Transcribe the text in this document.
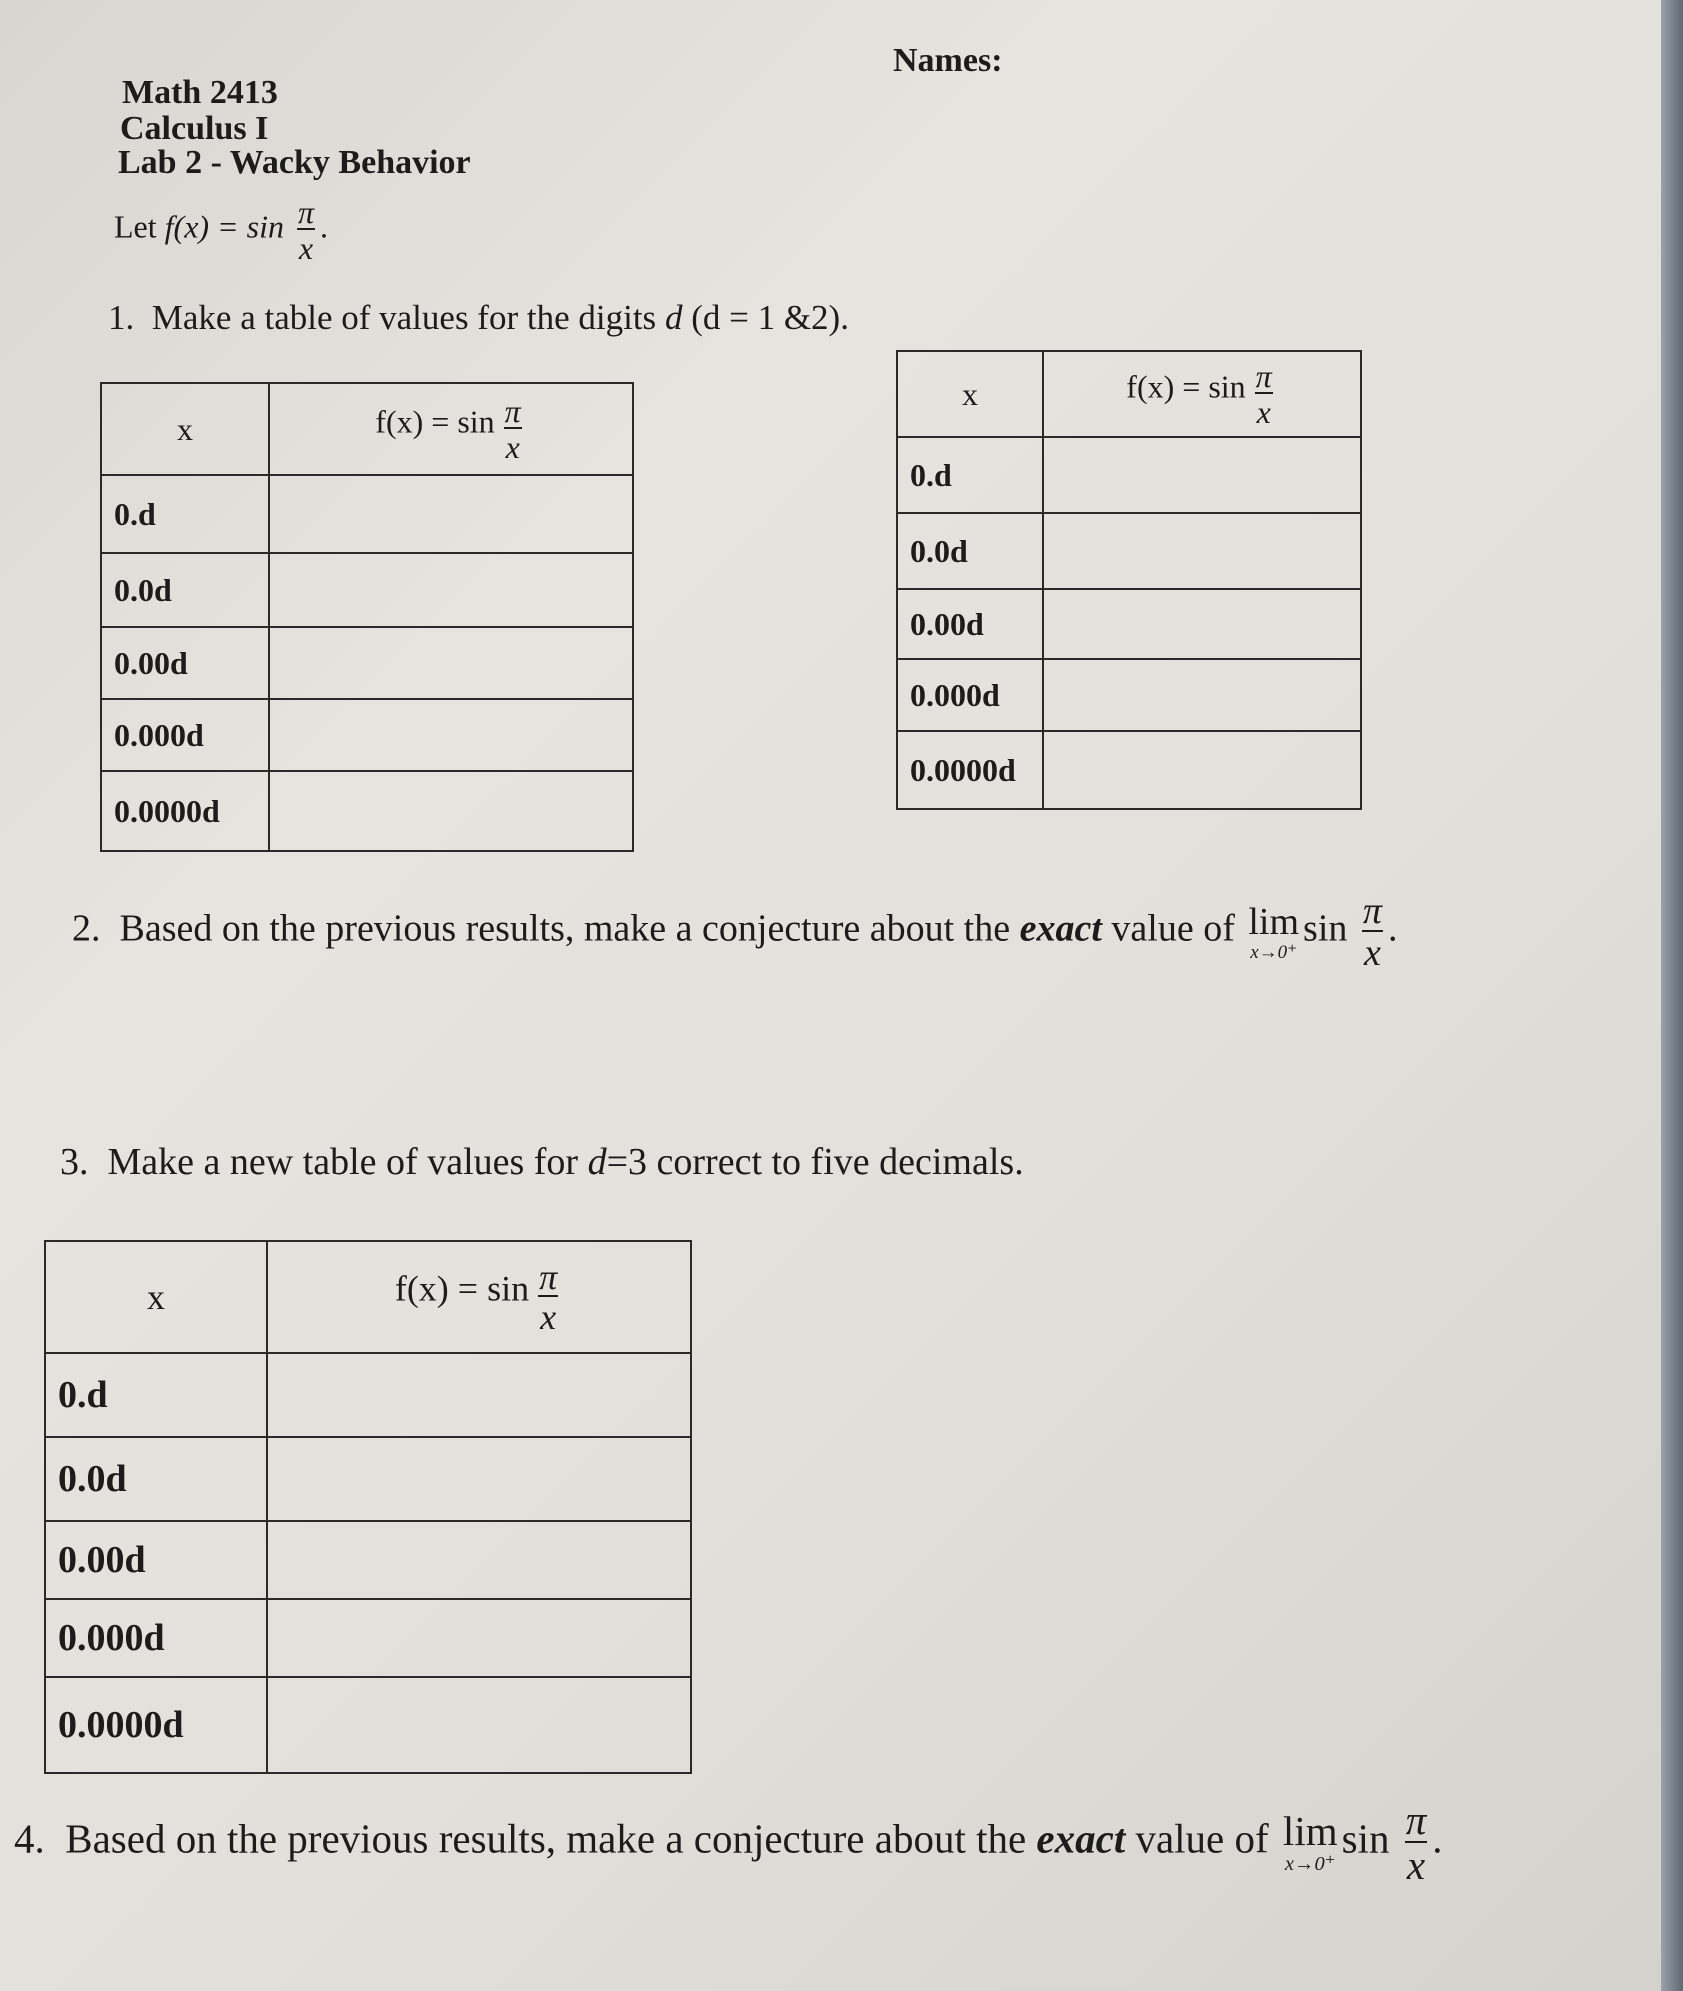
Names:
Math 2413
Calculus I
Lab 2 - Wacky Behavior
Let $f(x) = \sin \frac{\pi}{x}$ .
1. Make a table of values for the digits d (d = 1 &2).
x	$f(x) = \sin \frac{\pi}{x}$

0.d	
0.0d	
0.00d	
0.000d	
0.0000d	
x	$f(x) = \sin \frac{\pi}{x}$

0.d	
0.0d	
0.00d	
0.000d	
0.0000d	
2. Based on the previous results, make a conjecture about the exact value of lim
x→0⁺
$\sin \frac{\pi}{x}$ .
3. Make a new table of values for d=3 correct to five decimals.
x	$f(x) = \sin \frac{\pi}{x}$

0.d	
0.0d	
0.00d	
0.000d	
0.0000d	
4. Based on the previous results, make a conjecture about the exact value of lim
x→0⁺
$\sin \frac{\pi}{x}$ .
